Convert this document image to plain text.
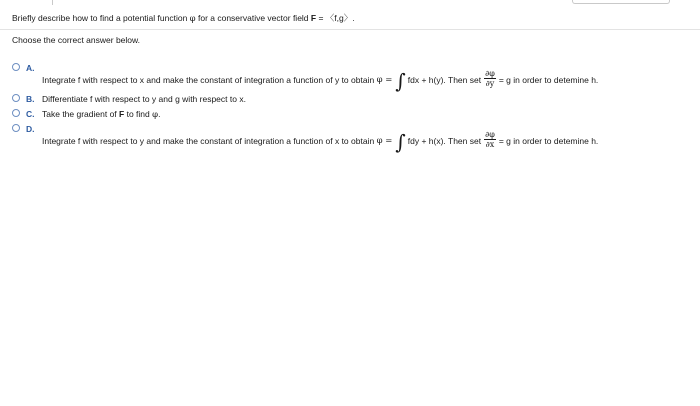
Briefly describe how to find a potential function φ for a conservative vector field F = 〈f,g〉.
Choose the correct answer below.
A.
Integrate f with respect to x and make the constant of integration a function of y to obtain
φ = ∫ fdx + h(y). Then set $\frac{\partial\varphi}{\partial y} = g$ in order to detemine h.
B. Differentiate f with respect to y and g with respect to x.
C. Take the gradient of F to find φ.
D.
Integrate f with respect to y and make the constant of integration a function of x to obtain
φ = ∫ fdy + h(x). Then set $\frac{\partial\varphi}{\partial x} = g$ in order to detemine h.
